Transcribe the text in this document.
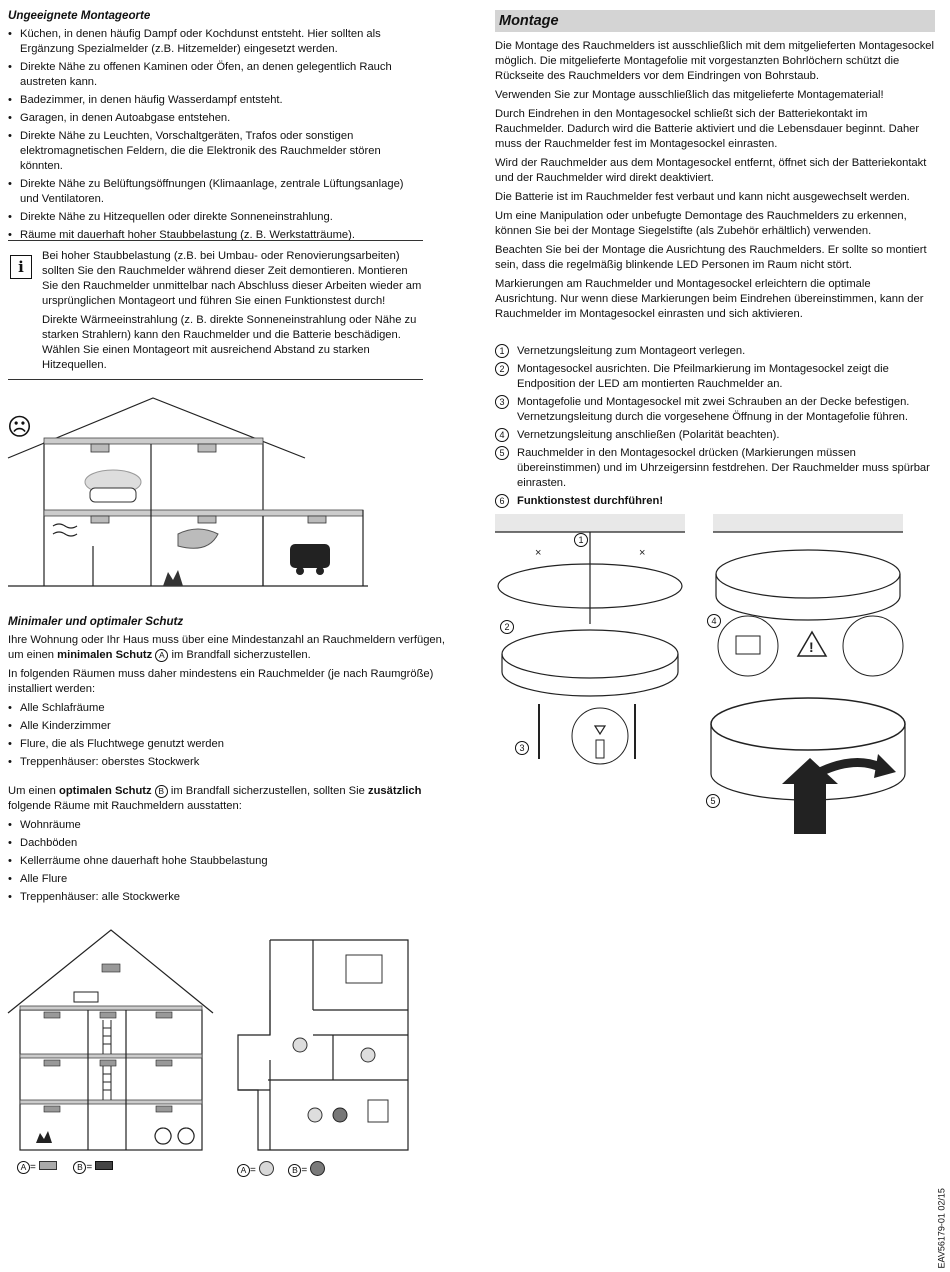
Ungeeignete Montageorte
• Küchen, in denen häufig Dampf oder Kochdunst entsteht. Hier sollten als Ergänzung Spezialmelder (z.B. Hitzemelder) eingesetzt werden.
• Direkte Nähe zu offenen Kaminen oder Öfen, an denen gelegentlich Rauch austreten kann.
• Badezimmer, in denen häufig Wasserdampf entsteht.
• Garagen, in denen Autoabgase entstehen.
• Direkte Nähe zu Leuchten, Vorschaltgeräten, Trafos oder sonstigen elektromagnetischen Feldern, die die Elektronik des Rauchmelder stören könnten.
• Direkte Nähe zu Belüftungsöffnungen (Klimaanlage, zentrale Lüftungsanlage) und Ventilatoren.
• Direkte Nähe zu Hitzequellen oder direkte Sonneneinstrahlung.
• Räume mit dauerhaft hoher Staubbelastung (z. B. Werkstatträume).
i

Bei hoher Staubbelastung (z.B. bei Umbau- oder Renovierungsarbeiten) sollten Sie den Rauchmelder während dieser Zeit demontieren. Montieren Sie den Rauchmelder unmittelbar nach Abschluss dieser Arbeiten wieder am ursprünglichen Montageort und führen Sie einen Funktionstest durch!

Direkte Wärmeeinstrahlung (z. B. direkte Sonneneinstrahlung oder Nähe zu starken Strahlern) kann den Rauchmelder und die Batterie beschädigen. Wählen Sie einen Montageort mit ausreichend Abstand zu starken Hitzequellen.

☹
Minimaler und optimaler Schutz

Ihre Wohnung oder Ihr Haus muss über eine Mindestanzahl an Rauchmeldern verfügen, um einen minimalen Schutz A im Brandfall sicherzustellen.

In folgenden Räumen muss daher mindestens ein Rauchmelder (je nach Raumgröße) installiert werden:

• Alle Schlafräume
• Alle Kinderzimmer
• Flure, die als Fluchtwege genutzt werden
• Treppenhäuser: oberstes Stockwerk

Um einen optimalen Schutz B im Brandfall sicherzustellen, sollten Sie zusätzlich folgende Räume mit Rauchmeldern ausstatten:

• Wohnräume
• Dachböden
• Kellerräume ohne dauerhaft hohe Staubbelastung
• Alle Flure
• Treppenhäuser: alle Stockwerke
A =	B =	A =	B =
Montage

Die Montage des Rauchmelders ist ausschließlich mit dem mitgelieferten Montagesockel möglich. Die mitgelieferte Montagefolie mit vorgestanzten Bohrlöchern schützt die Rückseite des Rauchmelders vor dem Eindringen von Bohrstaub.

Verwenden Sie zur Montage ausschließlich das mitgelieferte Montagematerial!

Durch Eindrehen in den Montagesockel schließt sich der Batteriekontakt im Rauchmelder. Dadurch wird die Batterie aktiviert und die Lebensdauer beginnt. Daher muss der Rauchmelder fest im Montagesockel einrasten.

Wird der Rauchmelder aus dem Montagesockel entfernt, öffnet sich der Batteriekontakt und der Rauchmelder wird direkt deaktiviert.

Die Batterie ist im Rauchmelder fest verbaut und kann nicht ausgewechselt werden.

Um eine Manipulation oder unbefugte Demontage des Rauchmelders zu erkennen, können Sie bei der Montage Siegelstifte (als Zubehör erhältlich) verwenden.

Beachten Sie bei der Montage die Ausrichtung des Rauchmelders. Er sollte so montiert sein, dass die regelmäßig blinkende LED Personen im Raum nicht stört.

Markierungen am Rauchmelder und Montagesockel erleichtern die optimale Ausrichtung. Nur wenn diese Markierungen beim Eindrehen übereinstimmen, kann der Rauchmelder im Montagesockel einrasten und sich aktivieren.

1	Vernetzungsleitung zum Montageort verlegen.
2	Montagesockel ausrichten. Die Pfeilmarkierung im Montagesockel zeigt die Endposition der LED am montierten Rauchmelder an.
3	Montagefolie und Montagesockel mit zwei Schrauben an der Decke befestigen. Vernetzungsleitung durch die vorgesehene Öffnung in der Montagefolie führen.
4	Vernetzungsleitung anschließen (Polarität beachten).
5	Rauchmelder in den Montagesockel drücken (Markierungen müssen übereinstimmen) und im Uhrzeigersinn festdrehen. Der Rauchmelder muss spürbar einrasten.
6	Funktionstest durchführen!
×	×
1
2
3
!
4
5
EAV56179-01 02/15
